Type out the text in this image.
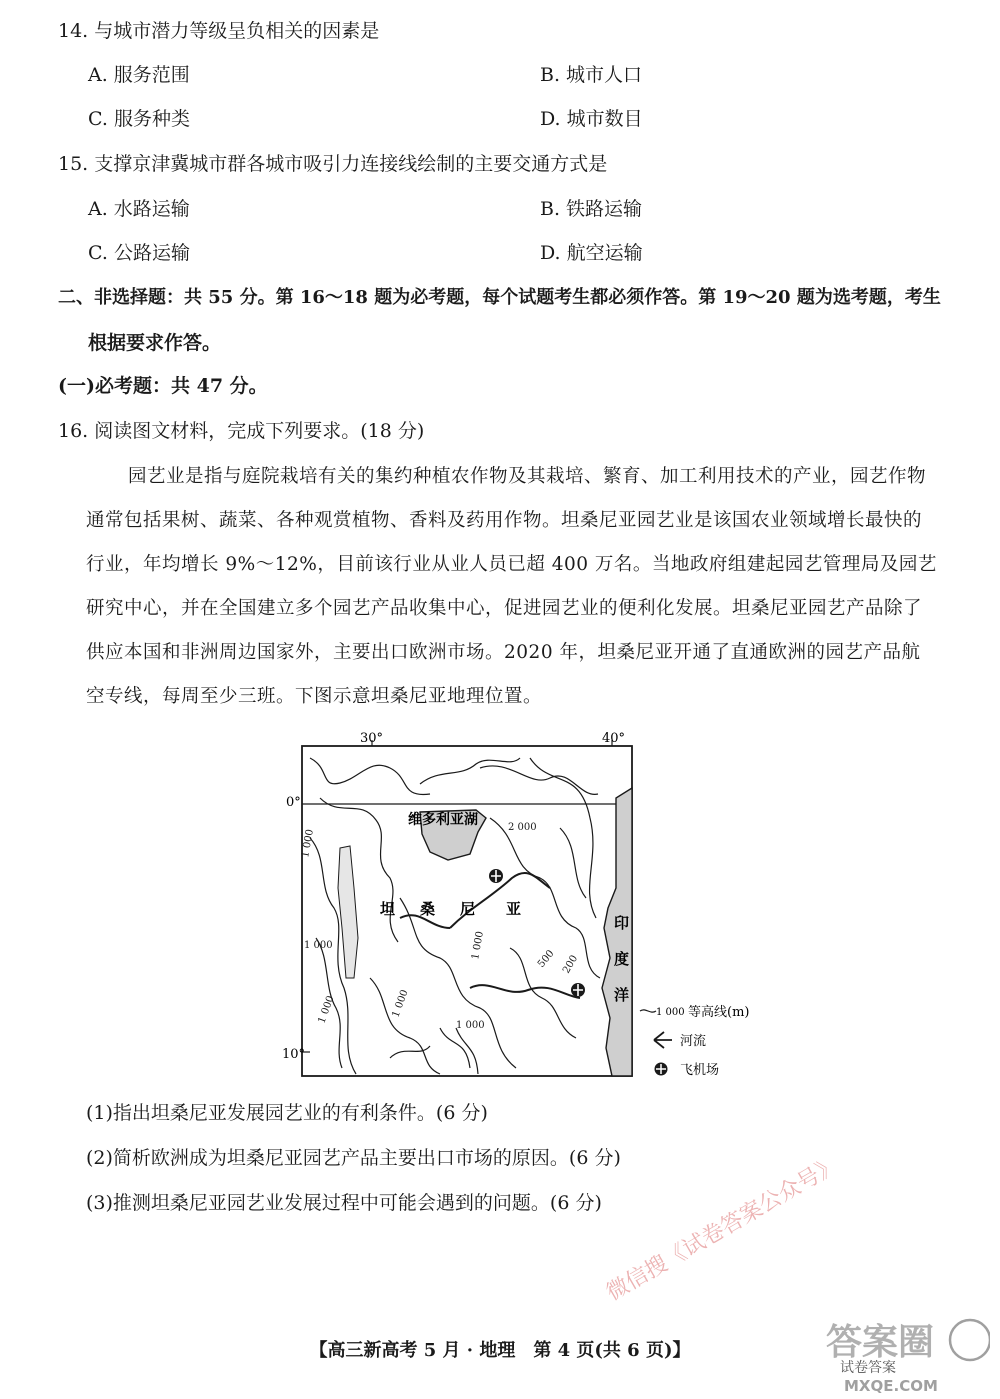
14. 与城市潜力等级呈负相关的因素是
A. 服务范围	B. 城市人口
C. 服务种类	D. 城市数目
15. 支撑京津冀城市群各城市吸引力连接线绘制的主要交通方式是
A. 水路运输	B. 铁路运输
C. 公路运输	D. 航空运输
二、非选择题：共 55 分。第 16～18 题为必考题，每个试题考生都必须作答。第 19～20 题为选考题，考生
根据要求作答。
(一)必考题：共 47 分。
16. 阅读图文材料，完成下列要求。(18 分)
园艺业是指与庭院栽培有关的集约种植农作物及其栽培、繁育、加工利用技术的产业，园艺作物
通常包括果树、蔬菜、各种观赏植物、香料及药用作物。坦桑尼亚园艺业是该国农业领域增长最快的
行业，年均增长 9%～12%，目前该行业从业人员已超 400 万名。当地政府组建起园艺管理局及园艺
研究中心，并在全国建立多个园艺产品收集中心，促进园艺业的便利化发展。坦桑尼亚园艺产品除了
供应本国和非洲周边国家外，主要出口欧洲市场。2020 年，坦桑尼亚开通了直通欧洲的园艺产品航
空专线，每周至少三班。下图示意坦桑尼亚地理位置。
30°	40°
0°
10°
维多利亚湖
坦 桑 尼 亚
印
度
洋
2 000
1 000
1 000
1 000	1 000
1 000	500 200
1 000
1 000 等高线(m)
河流
飞机场
(1)指出坦桑尼亚发展园艺业的有利条件。(6 分)
(2)简析欧洲成为坦桑尼亚园艺产品主要出口市场的原因。(6 分)
(3)推测坦桑尼亚园艺业发展过程中可能会遇到的问题。(6 分) 微信搜《试卷答案公众号》
【高三新高考 5 月 · 地理　第 4 页(共 6 页)】	答案圈
试卷答案
MXQE.COM
